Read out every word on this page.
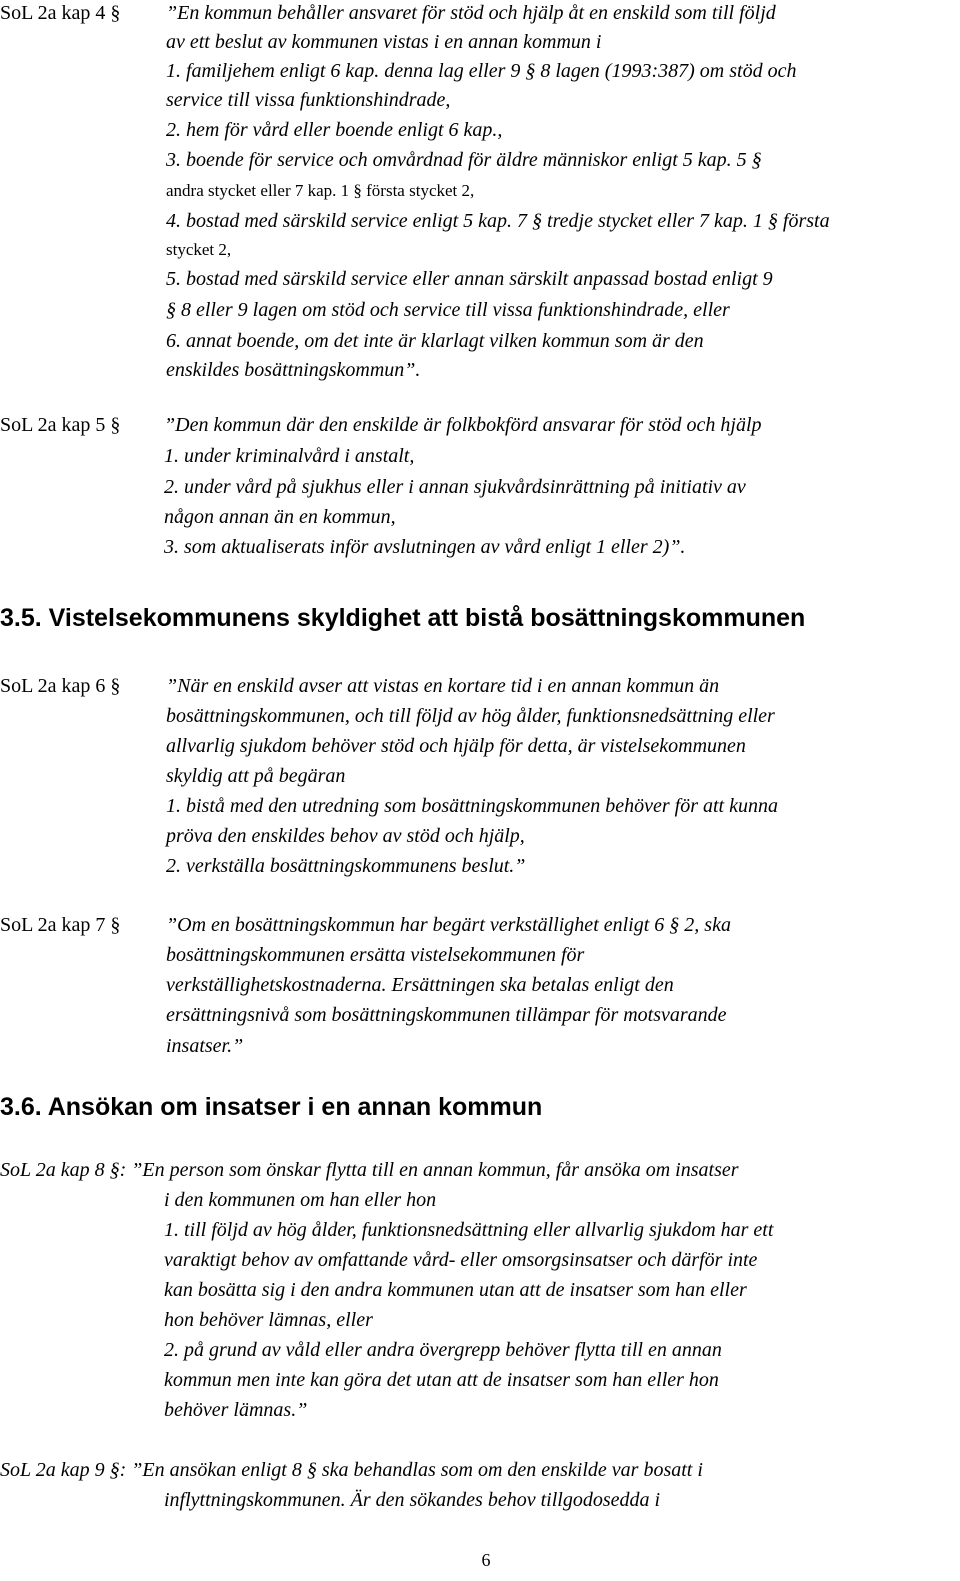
SoL 2a kap 4 § ”En kommun behåller ansvaret för stöd och hjälp åt en enskild som till följd
av ett beslut av kommunen vistas i en annan kommun i
1. familjehem enligt 6 kap. denna lag eller 9 § 8 lagen (1993:387) om stöd och
service till vissa funktionshindrade,
2. hem för vård eller boende enligt 6 kap.,
3. boende för service och omvårdnad för äldre människor enligt 5 kap. 5 §
andra stycket eller 7 kap. 1 § första stycket 2,
4. bostad med särskild service enligt 5 kap. 7 § tredje stycket eller 7 kap. 1 § första
stycket 2,
5. bostad med särskild service eller annan särskilt anpassad bostad enligt 9
§ 8 eller 9 lagen om stöd och service till vissa funktionshindrade, eller
6. annat boende, om det inte är klarlagt vilken kommun som är den
enskildes bosättningskommun”.
SoL 2a kap 5 § ”Den kommun där den enskilde är folkbokförd ansvarar för stöd och hjälp
1. under kriminalvård i anstalt,
2. under vård på sjukhus eller i annan sjukvårdsinrättning på initiativ av
någon annan än en kommun,
3. som aktualiserats inför avslutningen av vård enligt 1 eller 2)”.
3.5. Vistelsekommunens skyldighet att bistå bosättningskommunen
SoL 2a kap 6 § ”När en enskild avser att vistas en kortare tid i en annan kommun än
bosättningskommunen, och till följd av hög ålder, funktionsnedsättning eller
allvarlig sjukdom behöver stöd och hjälp för detta, är vistelsekommunen
skyldig att på begäran
1. bistå med den utredning som bosättningskommunen behöver för att kunna
pröva den enskildes behov av stöd och hjälp,
2. verkställa bosättningskommunens beslut.”
SoL 2a kap 7 § ”Om en bosättningskommun har begärt verkställighet enligt 6 § 2, ska
bosättningskommunen ersätta vistelsekommunen för
verkställighetskostnaderna. Ersättningen ska betalas enligt den
ersättningsnivå som bosättningskommunen tillämpar för motsvarande
insatser.”
3.6. Ansökan om insatser i en annan kommun
SoL 2a kap 8 §: ”En person som önskar flytta till en annan kommun, får ansöka om insatser
i den kommunen om han eller hon
1. till följd av hög ålder, funktionsnedsättning eller allvarlig sjukdom har ett
varaktigt behov av omfattande vård- eller omsorgsinsatser och därför inte
kan bosätta sig i den andra kommunen utan att de insatser som han eller
hon behöver lämnas, eller
2. på grund av våld eller andra övergrepp behöver flytta till en annan
kommun men inte kan göra det utan att de insatser som han eller hon
behöver lämnas.”
SoL 2a kap 9 §: ”En ansökan enligt 8 § ska behandlas som om den enskilde var bosatt i
inflyttningskommunen. Är den sökandes behov tillgodosedda i
6
